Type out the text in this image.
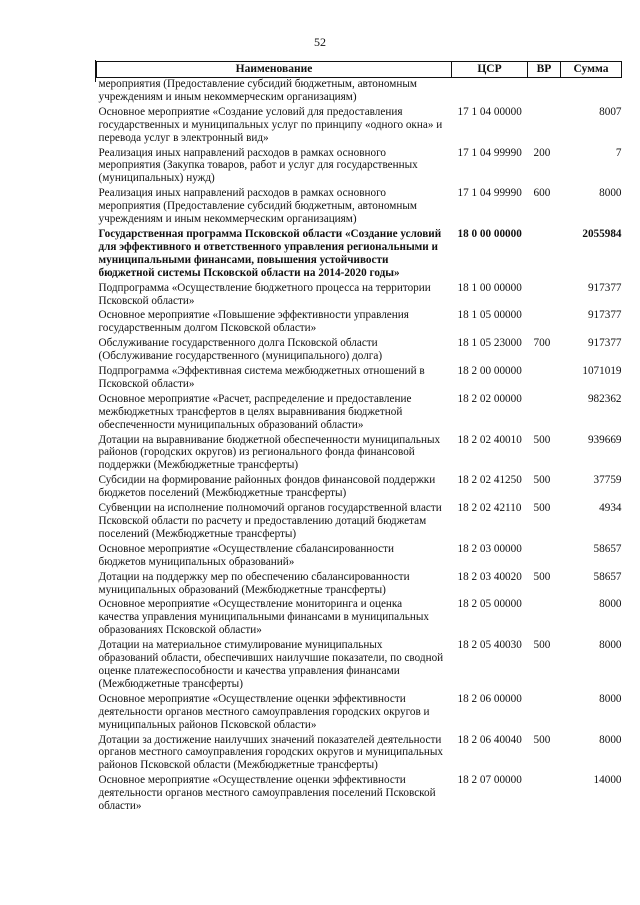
52
Наименование	ЦСР	ВР	Сумма
мероприятия (Предоставление субсидий бюджетным, автономным учреждениям и иным некоммерческим организациям)			
Основное мероприятие «Создание условий для предоставления государственных и муниципальных услуг по принципу «одного окна» и перевода услуг в электронный вид»	17 1 04 00000		8007
Реализация иных направлений расходов в рамках основного мероприятия (Закупка товаров, работ и услуг для государственных (муниципальных) нужд)	17 1 04 99990	200	7
Реализация иных направлений расходов в рамках основного мероприятия (Предоставление субсидий бюджетным, автономным учреждениям и иным некоммерческим организациям)	17 1 04 99990	600	8000
Государственная программа Псковской области «Создание условий для эффективного и ответственного управления региональными и муниципальными финансами, повышения устойчивости бюджетной системы Псковской области на 2014-2020 годы»	18 0 00 00000		2055984
Подпрограмма «Осуществление бюджетного процесса на территории Псковской области»	18 1 00 00000		917377
Основное мероприятие «Повышение эффективности управления государственным долгом Псковской области»	18 1 05 00000		917377
Обслуживание государственного долга Псковской области (Обслуживание государственного (муниципального) долга)	18 1 05 23000	700	917377
Подпрограмма «Эффективная система межбюджетных отношений в Псковской области»	18 2 00 00000		1071019
Основное мероприятие «Расчет, распределение и предоставление межбюджетных трансфертов в целях выравнивания бюджетной обеспеченности муниципальных образований области»	18 2 02 00000		982362
Дотации на выравнивание бюджетной обеспеченности муниципальных районов (городских округов) из регионального фонда финансовой поддержки (Межбюджетные трансферты)	18 2 02 40010	500	939669
Субсидии на формирование районных фондов финансовой поддержки бюджетов поселений (Межбюджетные трансферты)	18 2 02 41250	500	37759
Субвенции на исполнение полномочий органов государственной власти Псковской области по расчету и предоставлению дотаций бюджетам поселений (Межбюджетные трансферты)	18 2 02 42110	500	4934
Основное мероприятие «Осуществление сбалансированности бюджетов муниципальных образований»	18 2 03 00000		58657
Дотации на поддержку мер по обеспечению сбалансированности муниципальных образований (Межбюджетные трансферты)	18 2 03 40020	500	58657
Основное мероприятие «Осуществление мониторинга и оценка качества управления муниципальными финансами в муниципальных образованиях Псковской области»	18 2 05 00000		8000
Дотации на материальное стимулирование муниципальных образований области, обеспечивших наилучшие показатели, по сводной оценке платежеспособности и качества управления финансами (Межбюджетные трансферты)	18 2 05 40030	500	8000
Основное мероприятие «Осуществление оценки эффективности деятельности органов местного самоуправления городских округов и муниципальных районов Псковской области»	18 2 06 00000		8000
Дотации за достижение наилучших значений показателей деятельности органов местного самоуправления городских округов и муниципальных районов Псковской области (Межбюджетные трансферты)	18 2 06 40040	500	8000
Основное мероприятие «Осуществление оценки эффективности деятельности органов местного самоуправления поселений Псковской области»	18 2 07 00000		14000
